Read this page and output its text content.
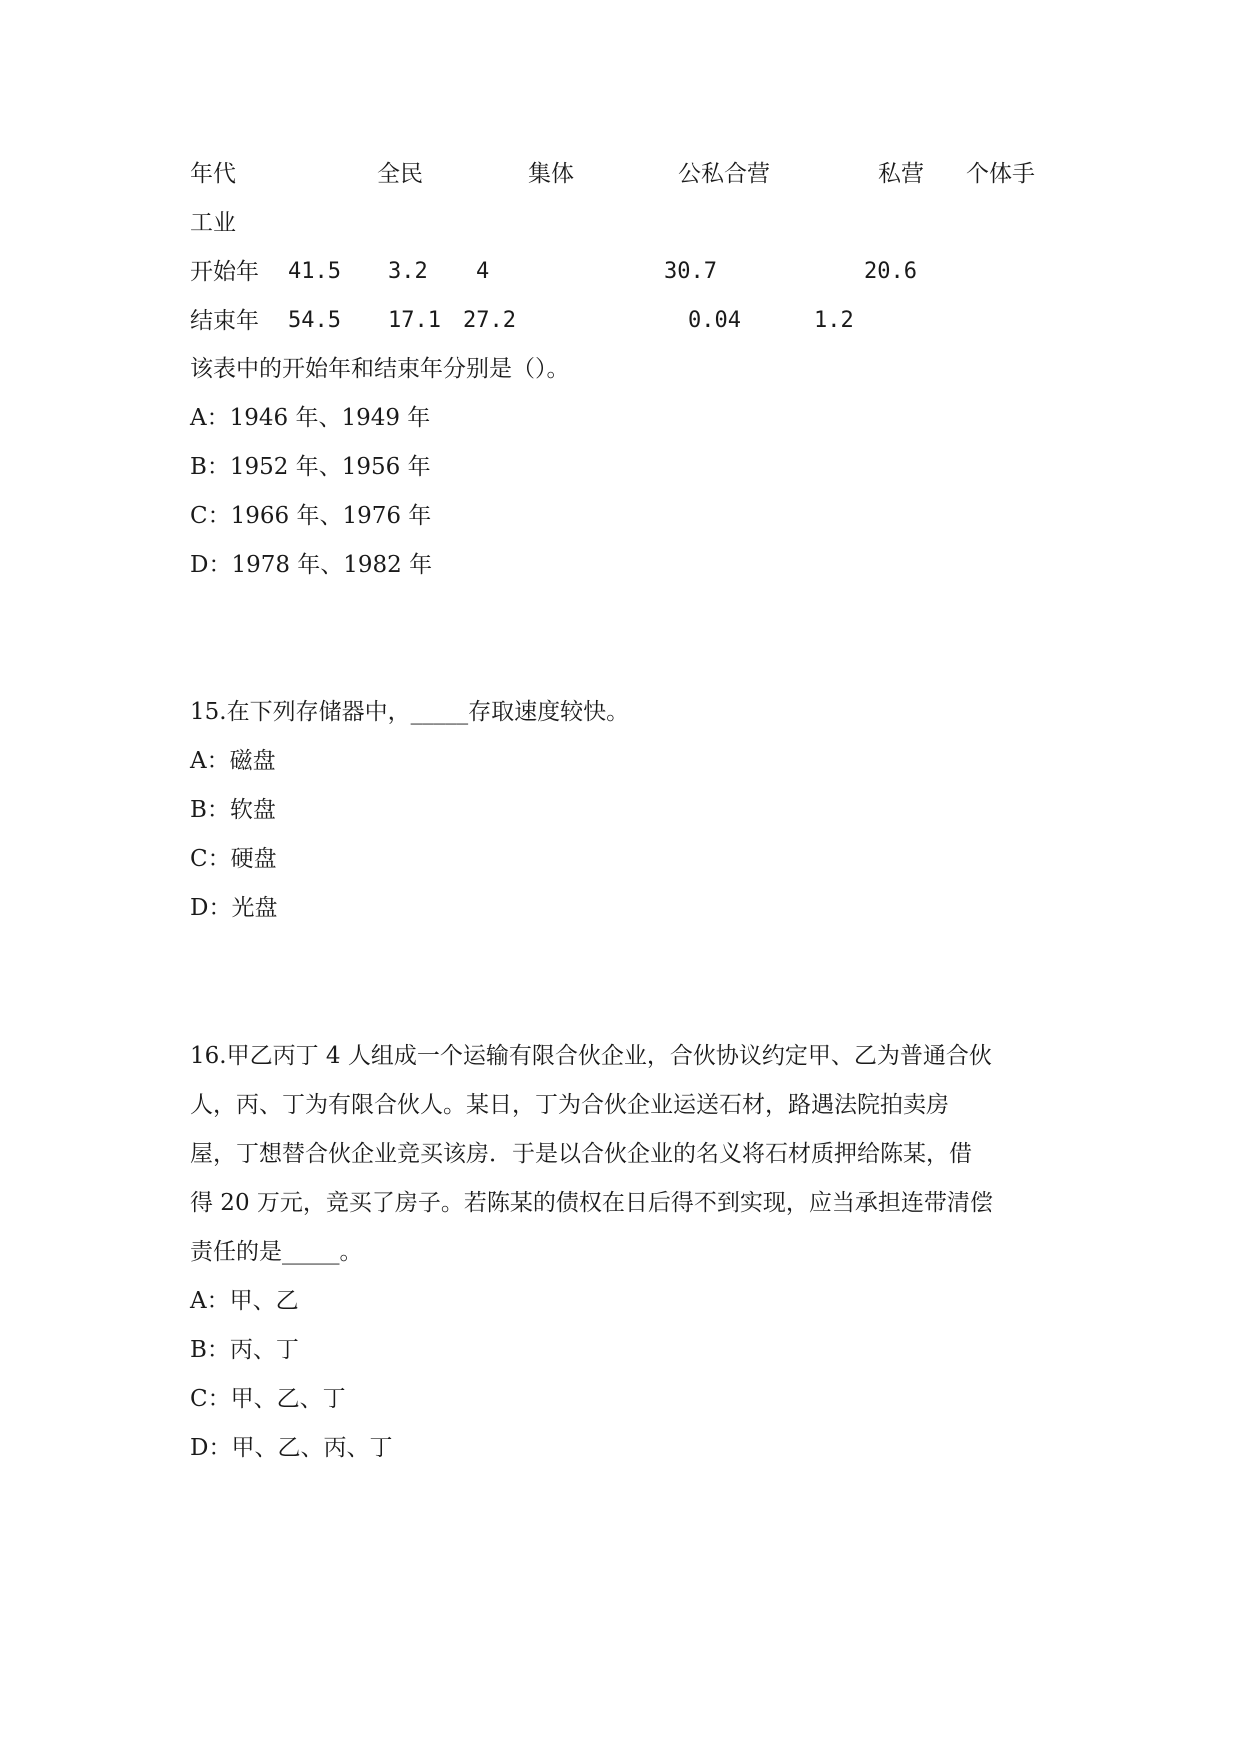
年代	全民	集体	公私合营	私营 个体手
工业
开始年 41.5 3.2 4	30.7	20.6
结束年 54.5 17.1 27.2	0.04	1.2
该表中的开始年和结束年分别是（）。
A：1946 年、1949 年
B：1952 年、1956 年
C：1966 年、1976 年
D：1978 年、1982 年
15.在下列存储器中，_____存取速度较快。
A：磁盘
B：软盘
C：硬盘
D：光盘
16.甲乙丙丁 4 人组成一个运输有限合伙企业，合伙协议约定甲、乙为普通合伙
人，丙、丁为有限合伙人。某日，丁为合伙企业运送石材，路遇法院拍卖房
屋，丁想替合伙企业竞买该房．于是以合伙企业的名义将石材质押给陈某，借
得 20 万元，竞买了房子。若陈某的债权在日后得不到实现，应当承担连带清偿
责任的是_____。
A：甲、乙
B：丙、丁
C：甲、乙、丁
D：甲、乙、丙、丁
